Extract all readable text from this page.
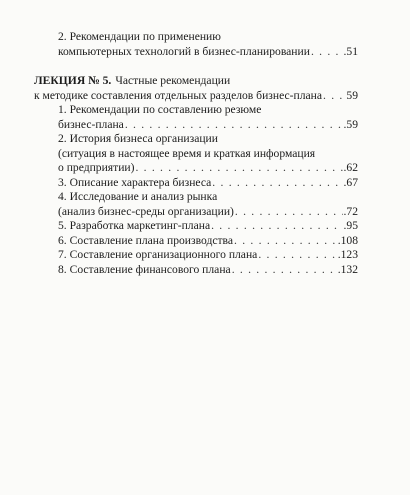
2. Рекомендации по применению
компьютерных технологий в бизнес-планировании . . .	.51
ЛЕКЦИЯ № 5. Частные рекомендации
к методике составления отдельных разделов бизнес-плана . . . 59
1. Рекомендации по составлению резюме
бизнес-плана . . .	.59
2. История бизнеса организации
(ситуация в настоящее время и краткая информация
о предприятии) . . .	.62
3. Описание характера бизнеса . . .	.67
4. Исследование и анализ рынка
(анализ бизнес-среды организации) . . .	.72
5. Разработка маркетинг-плана . . .	.95
6. Составление плана производства . . .	.108
7. Составление организационного плана . . .	.123
8. Составление финансового плана . . .	.132
